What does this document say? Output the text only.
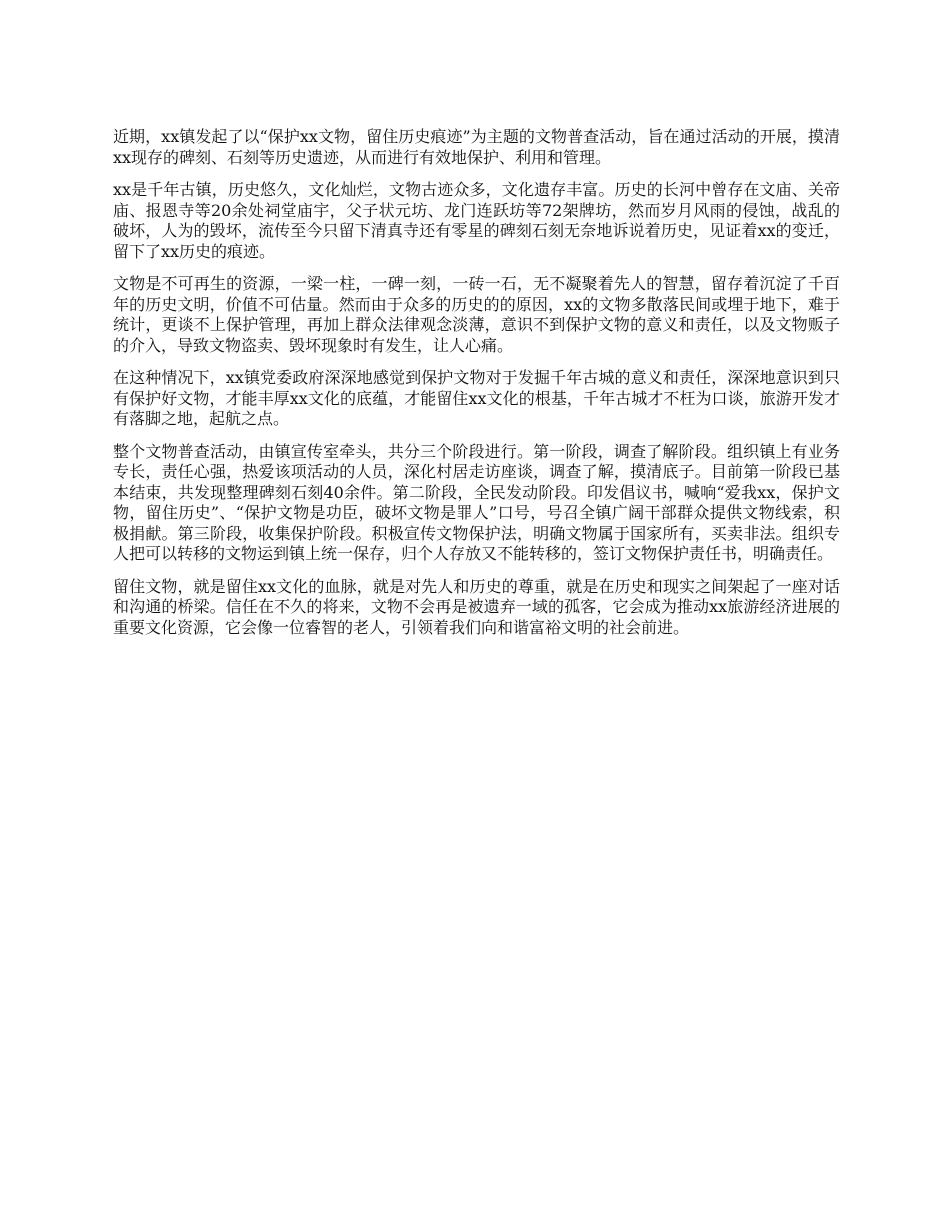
近期，xx镇发起了以“保护xx文物，留住历史痕迹”为主题的文物普查活动，旨在通过活动的开展，摸清xx现存的碑刻、石刻等历史遗迹，从而进行有效地保护、利用和管理。

xx是千年古镇，历史悠久，文化灿烂，文物古迹众多，文化遗存丰富。历史的长河中曾存在文庙、关帝庙、报恩寺等20余处祠堂庙宇，父子状元坊、龙门连跃坊等72架牌坊，然而岁月风雨的侵蚀，战乱的破坏，人为的毁坏，流传至今只留下清真寺还有零星的碑刻石刻无奈地诉说着历史，见证着xx的变迁，留下了xx历史的痕迹。

文物是不可再生的资源，一梁一柱，一碑一刻，一砖一石，无不凝聚着先人的智慧，留存着沉淀了千百年的历史文明，价值不可估量。然而由于众多的历史的的原因，xx的文物多散落民间或埋于地下，难于统计，更谈不上保护管理，再加上群众法律观念淡薄，意识不到保护文物的意义和责任，以及文物贩子的介入，导致文物盗卖、毁坏现象时有发生，让人心痛。

在这种情况下，xx镇党委政府深深地感觉到保护文物对于发掘千年古城的意义和责任，深深地意识到只有保护好文物，才能丰厚xx文化的底蕴，才能留住xx文化的根基，千年古城才不枉为口谈，旅游开发才有落脚之地，起航之点。

整个文物普查活动，由镇宣传室牵头，共分三个阶段进行。第一阶段，调查了解阶段。组织镇上有业务专长，责任心强，热爱该项活动的人员，深化村居走访座谈，调查了解，摸清底子。目前第一阶段已基本结束，共发现整理碑刻石刻40余件。第二阶段，全民发动阶段。印发倡议书，喊响“爱我xx，保护文物，留住历史”、“保护文物是功臣，破坏文物是罪人”口号，号召全镇广阔干部群众提供文物线索，积极捐献。第三阶段，收集保护阶段。积极宣传文物保护法，明确文物属于国家所有，买卖非法。组织专人把可以转移的文物运到镇上统一保存，归个人存放又不能转移的，签订文物保护责任书，明确责任。

留住文物，就是留住xx文化的血脉，就是对先人和历史的尊重，就是在历史和现实之间架起了一座对话和沟通的桥梁。信任在不久的将来，文物不会再是被遗弃一域的孤客，它会成为推动xx旅游经济进展的重要文化资源，它会像一位睿智的老人，引领着我们向和谐富裕文明的社会前进。
